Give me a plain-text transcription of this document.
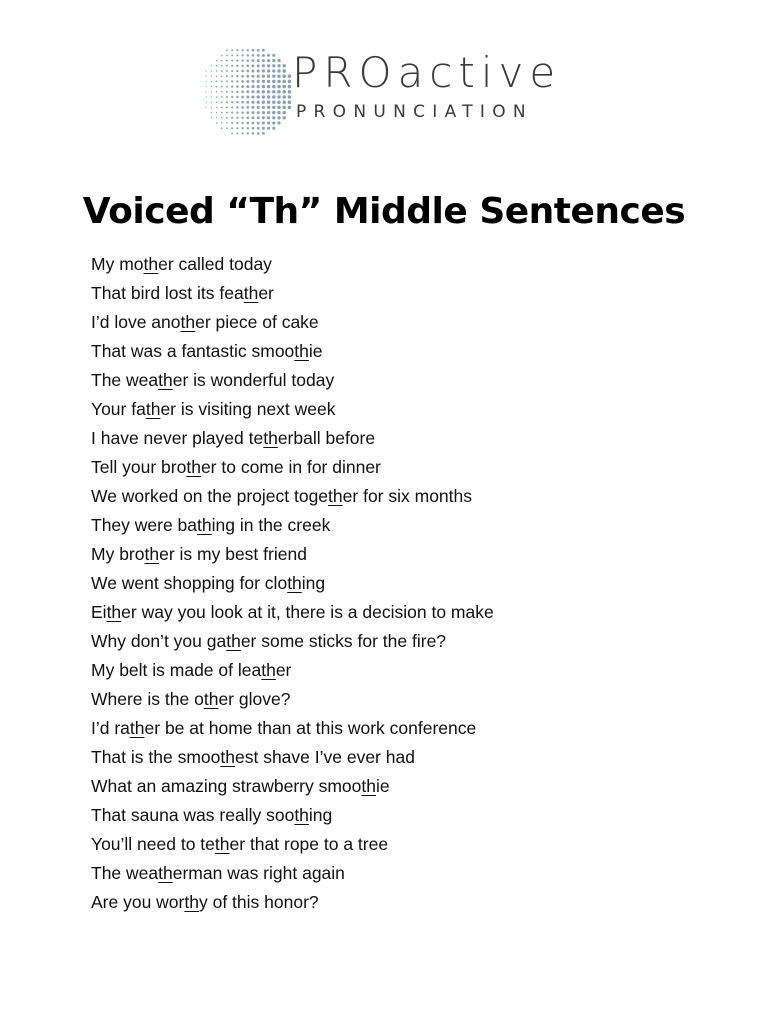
PROactive
PRONUNCIATION
Voiced “Th” Middle Sentences
My mother called today
That bird lost its feather
I’d love another piece of cake
That was a fantastic smoothie
The weather is wonderful today
Your father is visiting next week
I have never played tetherball before
Tell your brother to come in for dinner
We worked on the project together for six months
They were bathing in the creek
My brother is my best friend
We went shopping for clothing
Either way you look at it, there is a decision to make
Why don’t you gather some sticks for the fire?
My belt is made of leather
Where is the other glove?
I’d rather be at home than at this work conference
That is the smoothest shave I’ve ever had
What an amazing strawberry smoothie
That sauna was really soothing
You’ll need to tether that rope to a tree
The weatherman was right again
Are you worthy of this honor?
